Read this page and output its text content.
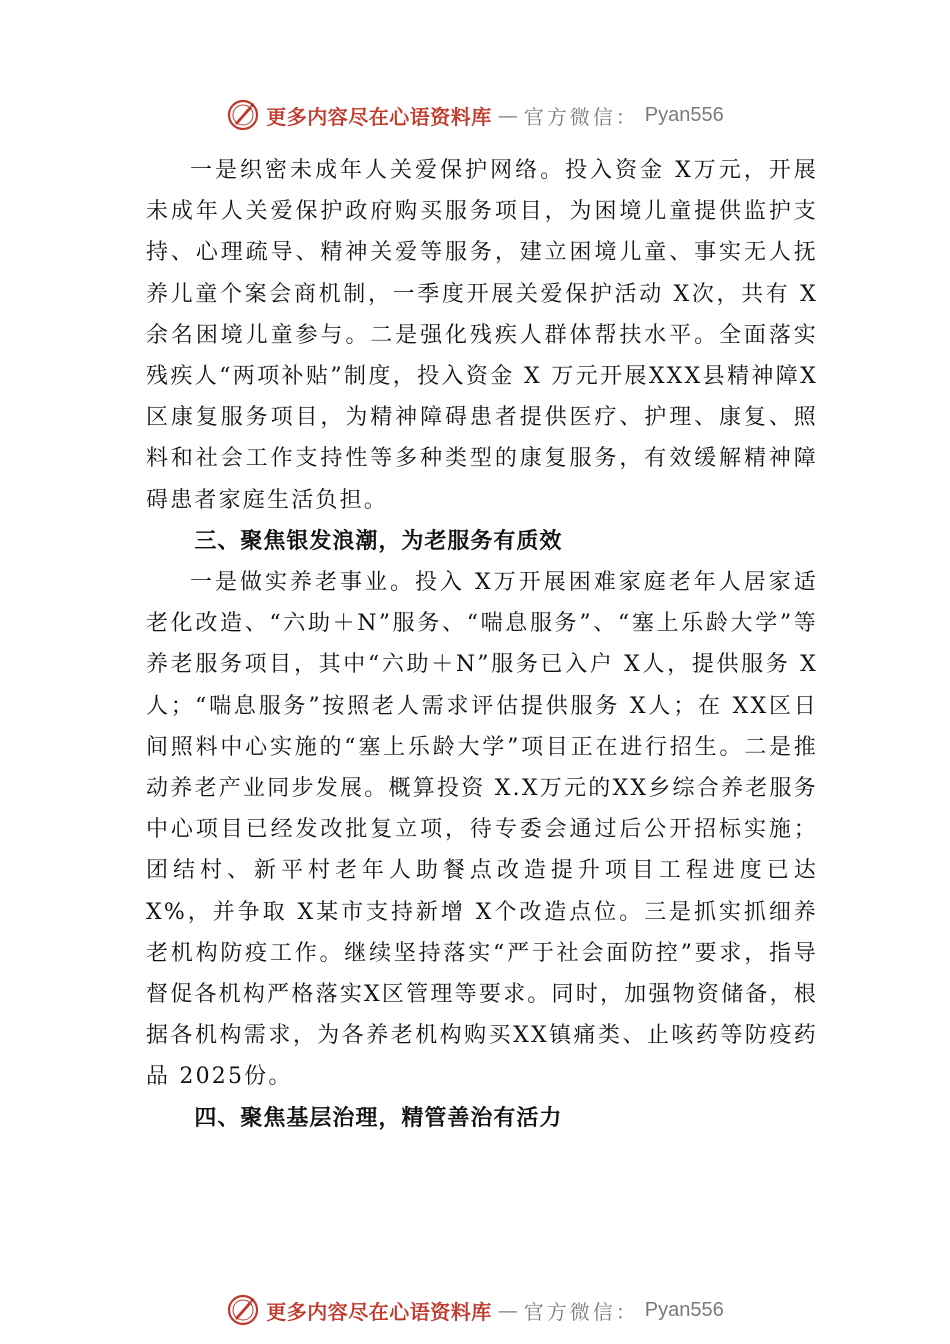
更多内容尽在心语资料库 — 官方微信： Pyan556

一是织密未成年人关爱保护网络。投入资金 X万元，开展未成年人关爱保护政府购买服务项目，为困境儿童提供监护支持、心理疏导、精神关爱等服务，建立困境儿童、事实无人抚养儿童个案会商机制，一季度开展关爱保护活动 X次，共有 X余名困境儿童参与。二是强化残疾人群体帮扶水平。全面落实残疾人“两项补贴”制度，投入资金 X 万元开展XXX县精神障X区康复服务项目，为精神障碍患者提供医疗、护理、康复、照料和社会工作支持性等多种类型的康复服务，有效缓解精神障碍患者家庭生活负担。

三、聚焦银发浪潮，为老服务有质效

一是做实养老事业。投入 X万开展困难家庭老年人居家适老化改造、“六助＋N”服务、“喘息服务”、“塞上乐龄大学”等养老服务项目，其中“六助＋N”服务已入户 X人，提供服务 X人；“喘息服务”按照老人需求评估提供服务 X人；在 XX区日间照料中心实施的“塞上乐龄大学”项目正在进行招生。二是推动养老产业同步发展。概算投资 X.X万元的XX乡综合养老服务中心项目已经发改批复立项，待专委会通过后公开招标实施；团结村、新平村老年人助餐点改造提升项目工程进度已达 X%，并争取 X某市支持新增 X个改造点位。三是抓实抓细养老机构防疫工作。继续坚持落实“严于社会面防控”要求，指导督促各机构严格落实X区管理等要求。同时，加强物资储备，根据各机构需求，为各养老机构购买XX镇痛类、止咳药等防疫药品 2025份。

四、聚焦基层治理，精管善治有活力
更多内容尽在心语资料库 — 官方微信： Pyan556
